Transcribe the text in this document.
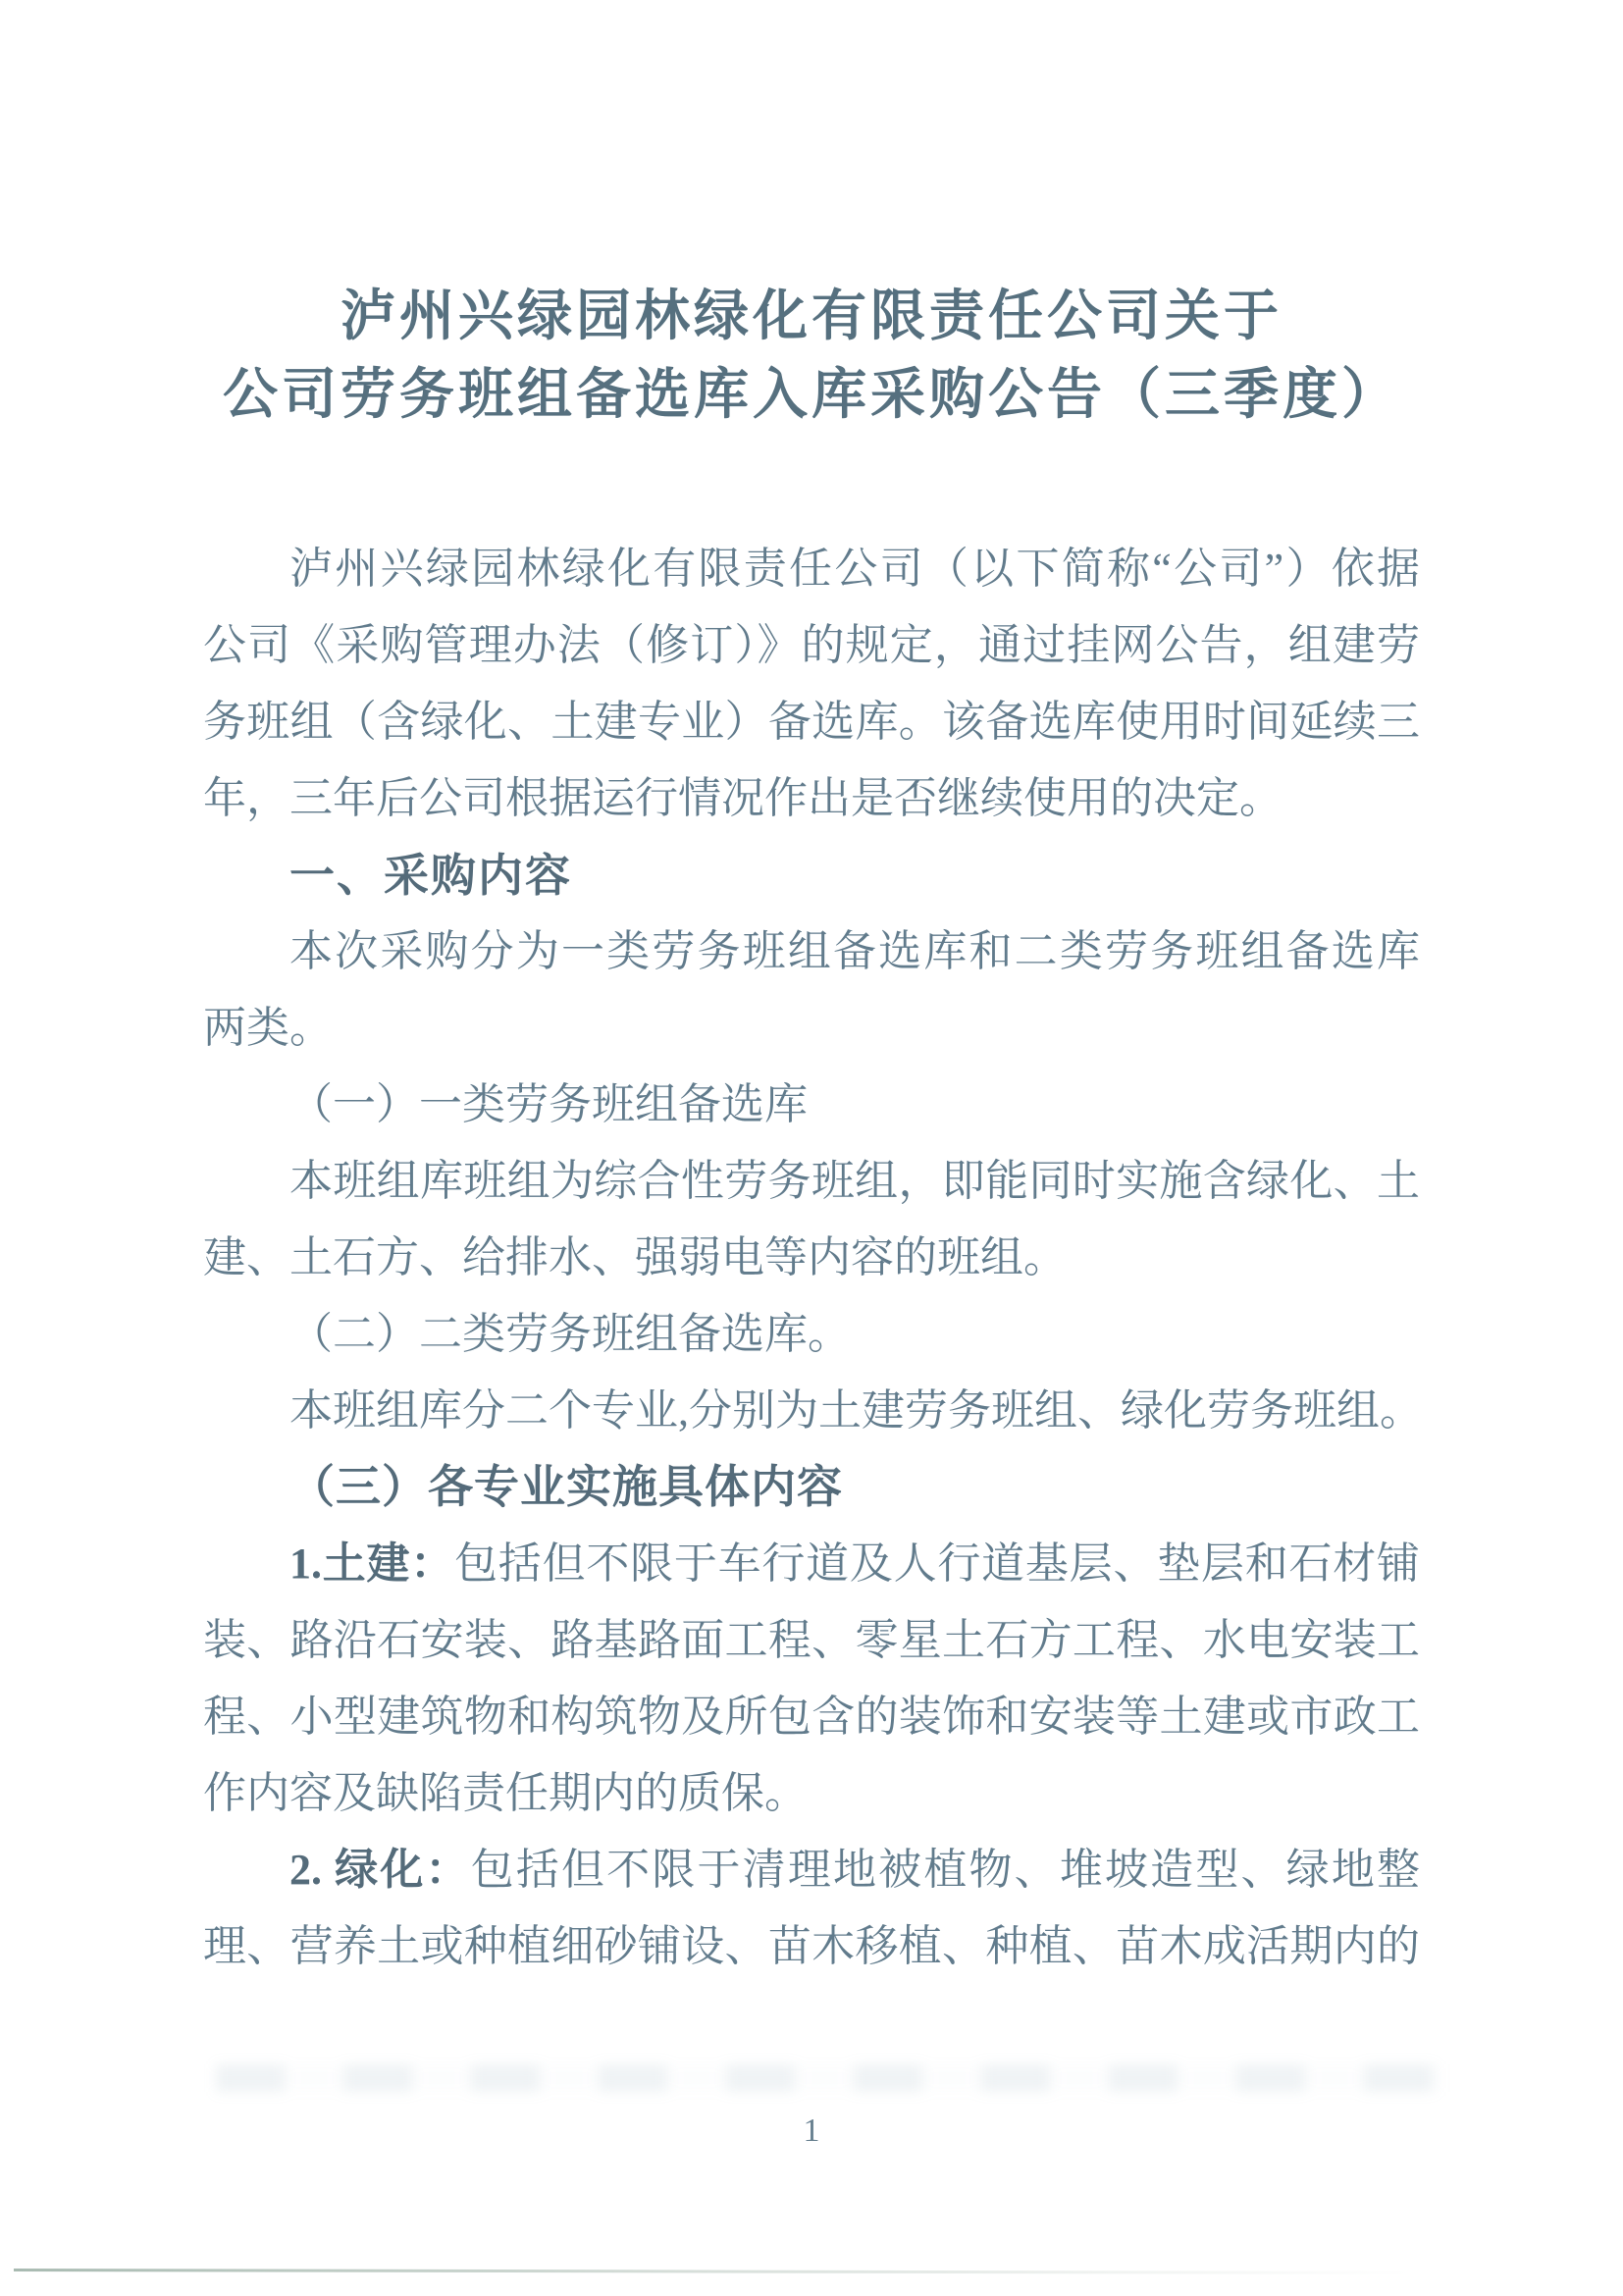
泸州兴绿园林绿化有限责任公司关于
公司劳务班组备选库入库采购公告（三季度）
泸州兴绿园林绿化有限责任公司（以下简称“公司”）依据
公司《采购管理办法（修订）》的规定，通过挂网公告，组建劳
务班组（含绿化、土建专业）备选库。该备选库使用时间延续三
年，三年后公司根据运行情况作出是否继续使用的决定。
一、采购内容
本次采购分为一类劳务班组备选库和二类劳务班组备选库
两类。
（一）一类劳务班组备选库
本班组库班组为综合性劳务班组，即能同时实施含绿化、土
建、土石方、给排水、强弱电等内容的班组。
（二）二类劳务班组备选库。
本班组库分二个专业,分别为土建劳务班组、绿化劳务班组。
（三）各专业实施具体内容
1.土建：包括但不限于车行道及人行道基层、垫层和石材铺
装、路沿石安装、路基路面工程、零星土石方工程、水电安装工
程、小型建筑物和构筑物及所包含的装饰和安装等土建或市政工
作内容及缺陷责任期内的质保。
2. 绿化：包括但不限于清理地被植物、堆坡造型、绿地整
理、营养土或种植细砂铺设、苗木移植、种植、苗木成活期内的
1
